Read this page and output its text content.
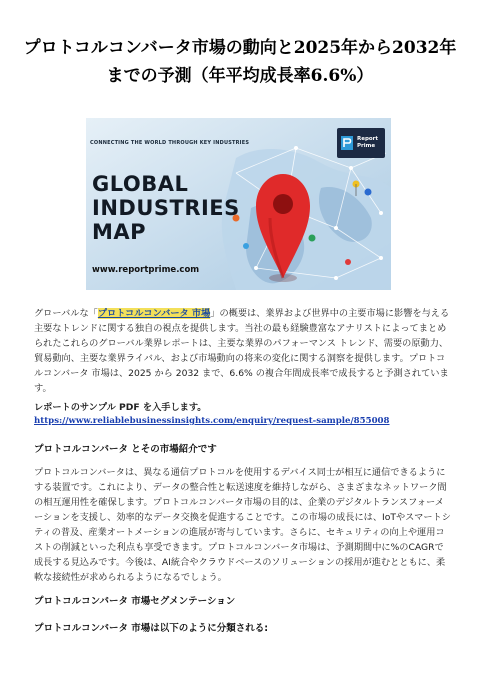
プロトコルコンバータ市場の動向と2025年から2032年までの予測（年平均成長率6.6%）
CONNECTING THE WORLD THROUGH KEY INDUSTRIES
GLOBAL
INDUSTRIES
MAP
www.reportprime.com
Report
Prime

グローバルな「プロトコルコンバータ 市場」の概要は、業界および世界中の主要市場に影響を与える主要なトレンドに関する独自の視点を提供します。当社の最も経験豊富なアナリストによってまとめられたこれらのグローバル業界レポートは、主要な業界のパフォーマンス トレンド、需要の原動力、貿易動向、主要な業界ライバル、および市場動向の将来の変化に関する洞察を提供します。プロトコルコンバータ 市場は、2025 から 2032 まで、6.6% の複合年間成長率で成長すると予測されています。

レポートのサンプル PDF を入手します。
https://www.reliablebusinessinsights.com/enquiry/request-sample/855008
プロトコルコンバータ とその市場紹介です

プロトコルコンバータは、異なる通信プロトコルを使用するデバイス同士が相互に通信できるようにする装置です。これにより、データの整合性と転送速度を維持しながら、さまざまなネットワーク間の相互運用性を確保します。プロトコルコンバータ市場の目的は、企業のデジタルトランスフォーメーションを支援し、効率的なデータ交換を促進することです。この市場の成長には、IoTやスマートシティの普及、産業オートメーションの進展が寄与しています。さらに、セキュリティの向上や運用コストの削減といった利点も享受できます。プロトコルコンバータ市場は、予測期間中に%のCAGRで成長する見込みです。今後は、AI統合やクラウドベースのソリューションの採用が進むとともに、柔軟な接続性が求められるようになるでしょう。

プロトコルコンバータ 市場セグメンテーション
プロトコルコンバータ 市場は以下のように分類される:
